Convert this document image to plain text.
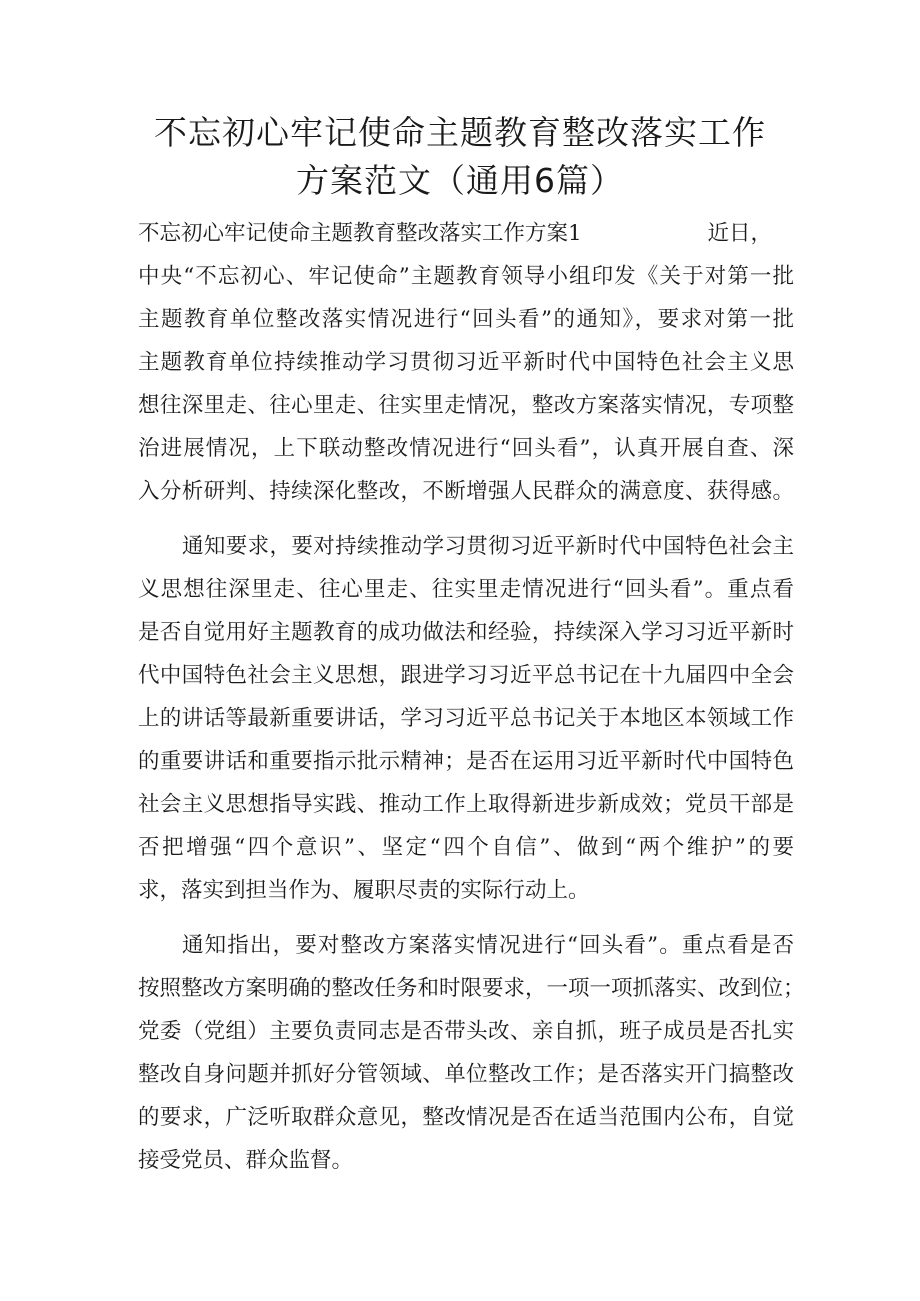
不忘初心牢记使命主题教育整改落实工作
方案范文（通用6篇）
不忘初心牢记使命主题教育整改落实工作方案1	近日，
中央“不忘初心、牢记使命”主题教育领导小组印发《关于对第一批
主题教育单位整改落实情况进行“回头看”的通知》，要求对第一批
主题教育单位持续推动学习贯彻习近平新时代中国特色社会主义思
想往深里走、往心里走、往实里走情况，整改方案落实情况，专项整
治进展情况，上下联动整改情况进行“回头看”，认真开展自查、深
入分析研判、持续深化整改，不断增强人民群众的满意度、获得感。
通知要求，要对持续推动学习贯彻习近平新时代中国特色社会主
义思想往深里走、往心里走、往实里走情况进行“回头看”。重点看
是否自觉用好主题教育的成功做法和经验，持续深入学习习近平新时
代中国特色社会主义思想，跟进学习习近平总书记在十九届四中全会
上的讲话等最新重要讲话，学习习近平总书记关于本地区本领域工作
的重要讲话和重要指示批示精神；是否在运用习近平新时代中国特色
社会主义思想指导实践、推动工作上取得新进步新成效；党员干部是
否把增强“四个意识”、坚定“四个自信”、做到“两个维护”的要
求，落实到担当作为、履职尽责的实际行动上。
通知指出，要对整改方案落实情况进行“回头看”。重点看是否
按照整改方案明确的整改任务和时限要求，一项一项抓落实、改到位；
党委（党组）主要负责同志是否带头改、亲自抓，班子成员是否扎实
整改自身问题并抓好分管领域、单位整改工作；是否落实开门搞整改
的要求，广泛听取群众意见，整改情况是否在适当范围内公布，自觉
接受党员、群众监督。
